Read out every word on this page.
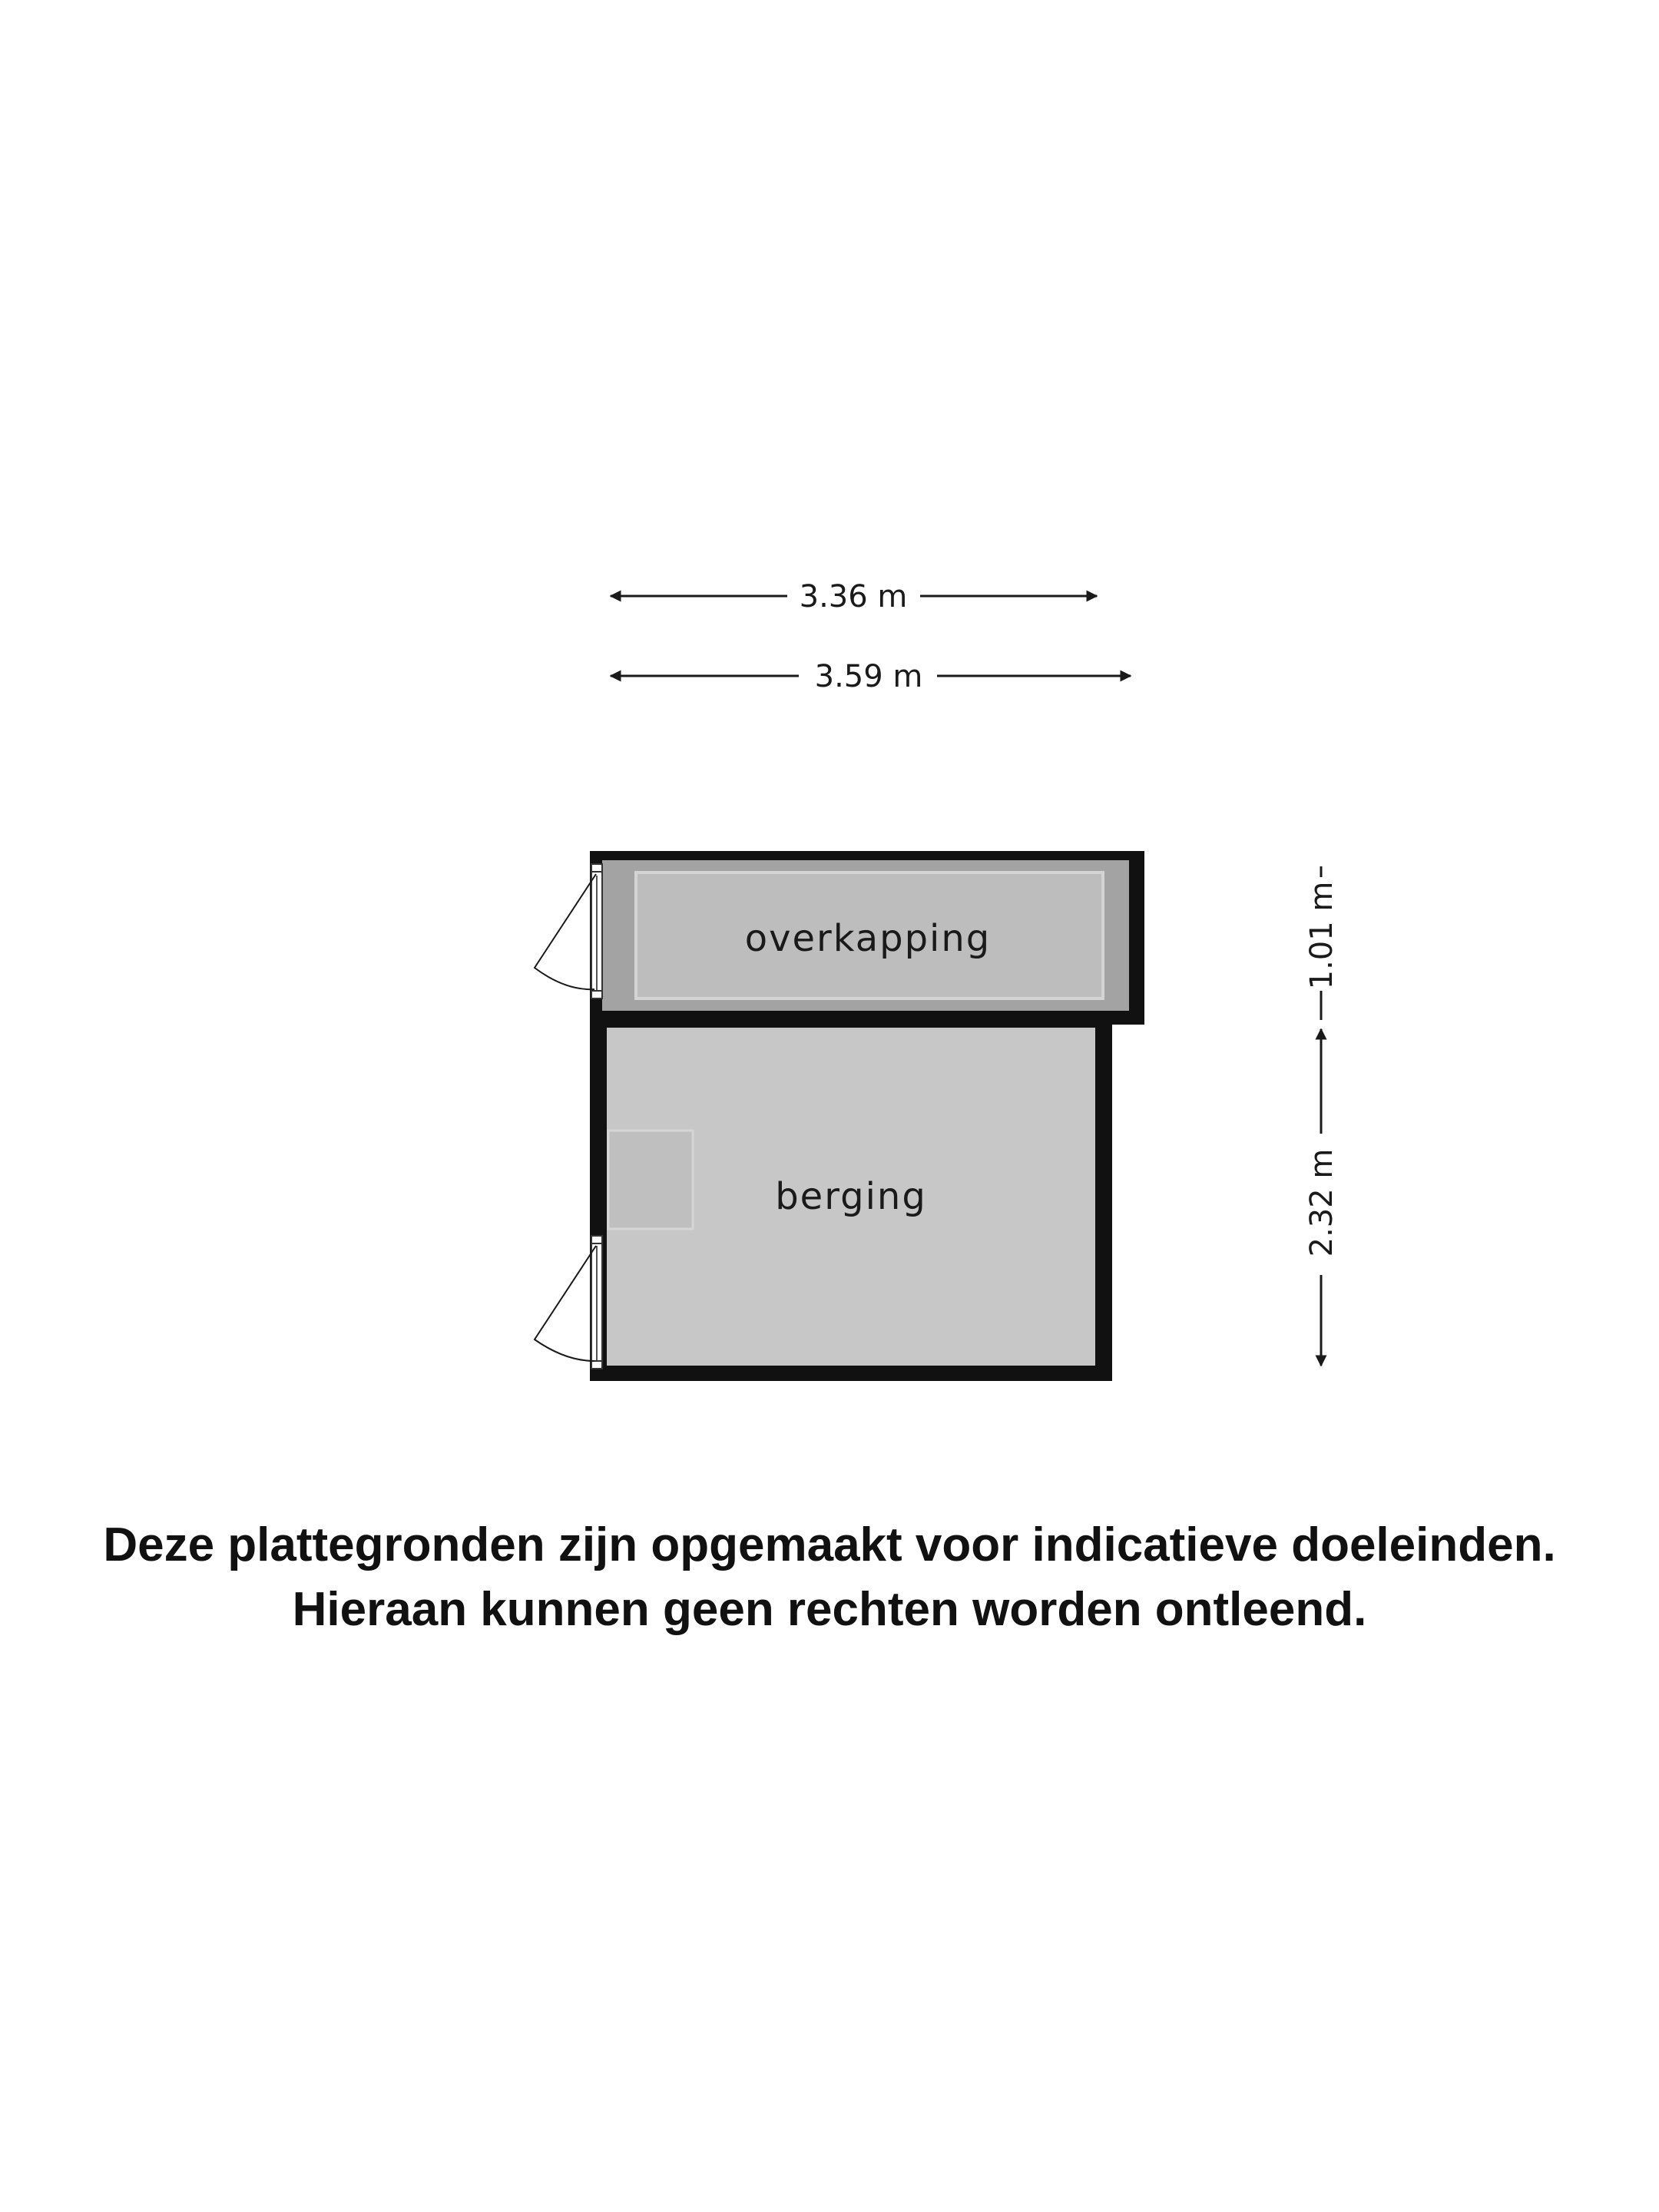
3.36 m
3.59 m
1.01 m
2.32 m
overkapping
berging
Deze plattegronden zijn opgemaakt voor indicatieve doeleinden.
Hieraan kunnen geen rechten worden ontleend.
